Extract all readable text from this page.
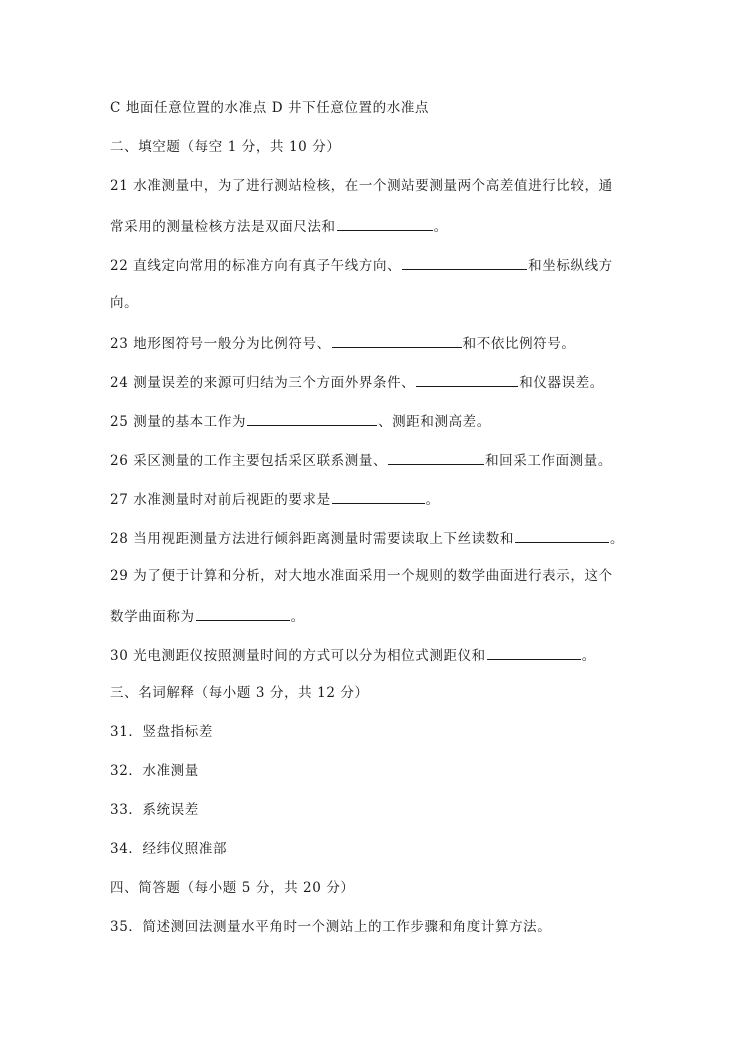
C 地面任意位置的水准点 D 井下任意位置的水准点
二、填空题（每空 1 分，共 10 分）
21 水准测量中，为了进行测站检核，在一个测站要测量两个高差值进行比较，通
常采用的测量检核方法是双面尺法和	。
22 直线定向常用的标准方向有真子午线方向、	和坐标纵线方
向。
23 地形图符号一般分为比例符号、	和不依比例符号。
24 测量误差的来源可归结为三个方面外界条件、	和仪器误差。
25 测量的基本工作为	、测距和测高差。
26 采区测量的工作主要包括采区联系测量、	和回采工作面测量。
27 水准测量时对前后视距的要求是	。
28 当用视距测量方法进行倾斜距离测量时需要读取上下丝读数和	。
29 为了便于计算和分析，对大地水准面采用一个规则的数学曲面进行表示，这个
数学曲面称为	。
30 光电测距仪按照测量时间的方式可以分为相位式测距仪和	。
三、名词解释（每小题 3 分，共 12 分）
31．竖盘指标差
32．水准测量
33．系统误差
34．经纬仪照准部
四、简答题（每小题 5 分，共 20 分）
35．简述测回法测量水平角时一个测站上的工作步骤和角度计算方法。
